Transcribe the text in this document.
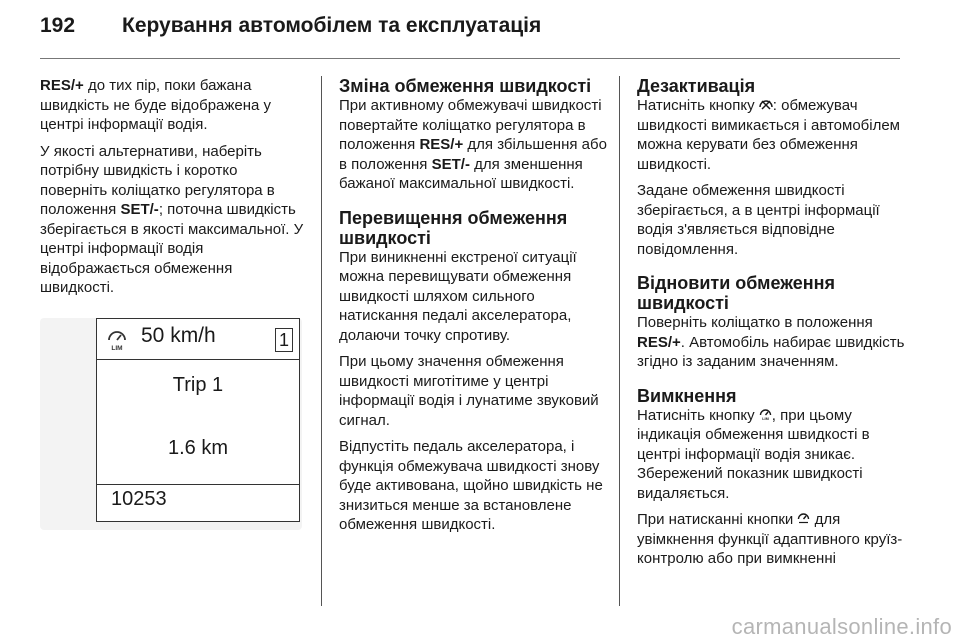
192	Керування автомобілем та експлуатація

RES/+ до тих пір, поки бажана швидкість не буде відображена у центрі інформації водія.

У якості альтернативи, наберіть потрібну швидкість і коротко поверніть коліщатко регулятора в положення SET/-; поточна швидкість зберігається в якості максимальної. У центрі інформації водія відображається обмеження швидкості.

LIM
50 km/h	1
Trip 1
1.6 km
10253
Зміна обмеження швидкості

При активному обмежувачі швидкості повертайте коліщатко регулятора в положення RES/+ для збільшення або в положення SET/- для зменшення бажаної максимальної швидкості.

Перевищення обмеження швидкості

При виникненні екстреної ситуації можна перевищувати обмеження швидкості шляхом сильного натискання педалі акселератора, долаючи точку спротиву.

При цьому значення обмеження швидкості миготітиме у центрі інформації водія і лунатиме звуковий сигнал.

Відпустіть педаль акселератора, і функція обмежувача швидкості знову буде активована, щойно швидкість не знизиться менше за встановлене обмеження швидкості.

Дезактивація

Натисніть кнопку : обмежувач швидкості вимикається і автомобілем можна керувати без обмеження швидкості.

Задане обмеження швидкості зберігається, а в центрі інформації водія з'являється відповідне повідомлення.

Відновити обмеження швидкості

Поверніть коліщатко в положення RES/+. Автомобіль набирає швидкість згідно із заданим значенням.

Вимкнення

Натисніть кнопку LIM , при цьому індикація обмеження швидкості в центрі інформації водія зникає. Збережений показник швидкості видаляється.

При натисканні кнопки  для увімкнення функції адаптивного круїз-контролю або при вимкненні

carmanualsonline.info
